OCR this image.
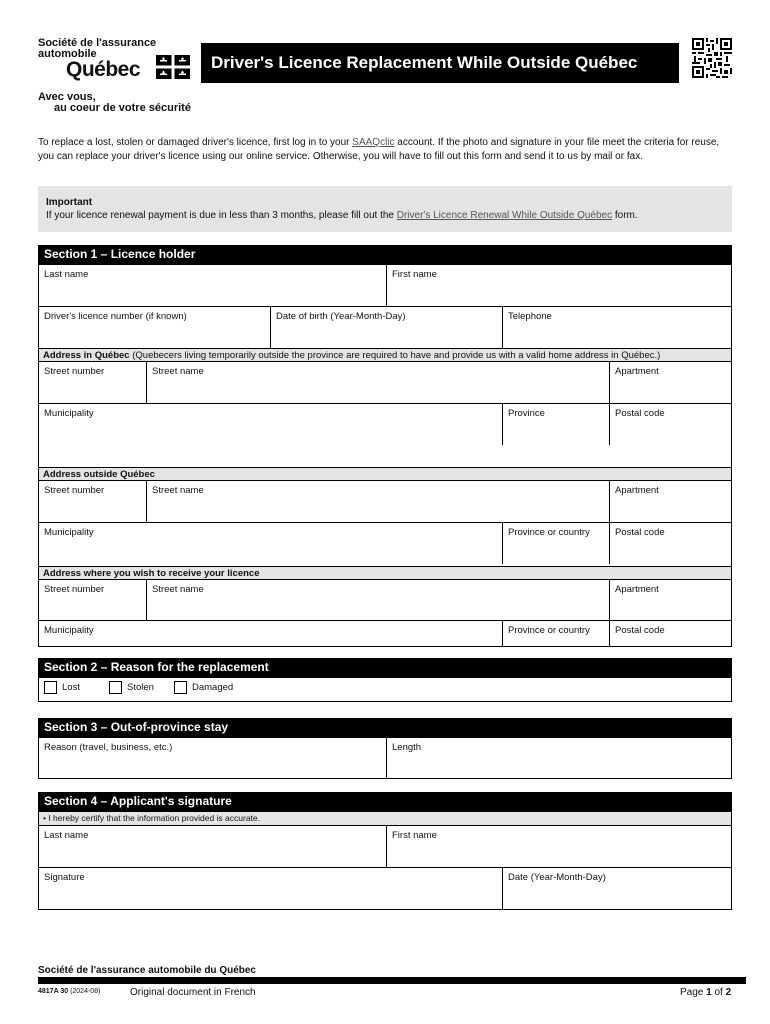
Société de l'assurance
automobile
Québec
Avec vous,
au coeur de votre sécurité
Driver's Licence Replacement While Outside Québec
To replace a lost, stolen or damaged driver's licence, first log in to your SAAQclic account. If the photo and signature in your file meet the criteria for reuse, you can replace your driver's licence using our online service. Otherwise, you will have to fill out this form and send it to us by mail or fax.
Important
If your licence renewal payment is due in less than 3 months, please fill out the Driver's Licence Renewal While Outside Québec form.
Section 1 – Licence holder
Last name	First name
Driver's licence number (if known)	Date of birth (Year-Month-Day)	Telephone
Address in Québec (Quebecers living temporarily outside the province are required to have and provide us with a valid home address in Québec.)
Street number	Street name	Apartment
Municipality	Province	Postal code
Address outside Québec
Street number	Street name	Apartment
Municipality	Province or country	Postal code
Address where you wish to receive your licence
Street number	Street name	Apartment
Municipality	Province or country	Postal code
Section 2 – Reason for the replacement
Lost	Stolen	Damaged
Section 3 – Out-of-province stay
Reason (travel, business, etc.)	Length
Section 4 – Applicant's signature
• I hereby certify that the information provided is accurate.
Last name	First name
Signature	Date (Year-Month-Day)
Société de l'assurance automobile du Québec
4817A 30 (2024-08)	Original document in French	Page 1 of 2
